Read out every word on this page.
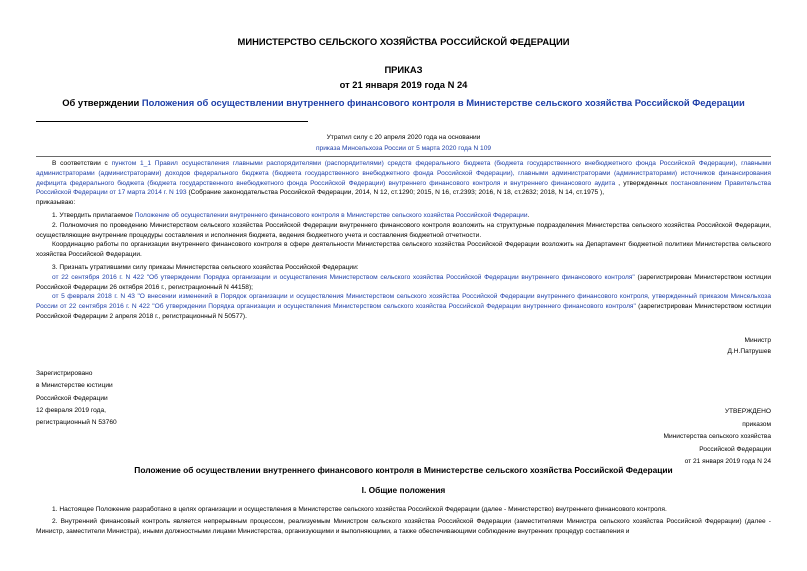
МИНИСТЕРСТВО СЕЛЬСКОГО ХОЗЯЙСТВА РОССИЙСКОЙ ФЕДЕРАЦИИ
ПРИКАЗ
от 21 января 2019 года N 24
Об утверждении Положения об осуществлении внутреннего финансового контроля в Министерстве сельского хозяйства Российской Федерации
Утратил силу с 20 апреля 2020 года на основании
приказа Минсельхоза России от 5 марта 2020 года N 109

В соответствии с пунктом 1_1 Правил осуществления главными распорядителями (распорядителями) средств федерального бюджета (бюджета государственного внебюджетного фонда Российской Федерации), главными администраторами (администраторами) доходов федерального бюджета (бюджета государственного внебюджетного фонда Российской Федерации), главными администраторами (администраторами) источников финансирования дефицита федерального бюджета (бюджета государственного внебюджетного фонда Российской Федерации) внутреннего финансового контроля и внутреннего финансового аудита , утвержденных постановлением Правительства Российской Федерации от 17 марта 2014 г. N 193 (Собрание законодательства Российской Федерации, 2014, N 12, ст.1290; 2015, N 16, ст.2393; 2016, N 18, ст.2632; 2018, N 14, ст.1975 ),

приказываю:

1. Утвердить прилагаемое Положение об осуществлении внутреннего финансового контроля в Министерстве сельского хозяйства Российской Федерации.

2. Полномочия по проведению Министерством сельского хозяйства Российской Федерации внутреннего финансового контроля возложить на структурные подразделения Министерства сельского хозяйства Российской Федерации, осуществляющие внутренние процедуры составления и исполнения бюджета, ведения бюджетного учета и составления бюджетной отчетности.

Координацию работы по организации внутреннего финансового контроля в сфере деятельности Министерства сельского хозяйства Российской Федерации возложить на Департамент бюджетной политики Министерства сельского хозяйства Российской Федерации.

3. Признать утратившими силу приказы Министерства сельского хозяйства Российской Федерации:

от 22 сентября 2016 г. N 422 "Об утверждении Порядка организации и осуществления Министерством сельского хозяйства Российской Федерации внутреннего финансового контроля" (зарегистрирован Министерством юстиции Российской Федерации 26 октября 2016 г., регистрационный N 44158);

от 5 февраля 2018 г. N 43 "О внесении изменений в Порядок организации и осуществления Министерством сельского хозяйства Российской Федерации внутреннего финансового контроля, утвержденный приказом Минсельхоза России от 22 сентября 2016 г. N 422 "Об утверждении Порядка организации и осуществления Министерством сельского хозяйства Российской Федерации внутреннего финансового контроля" (зарегистрирован Министерством юстиции Российской Федерации 2 апреля 2018 г., регистрационный N 50577).

Министр
Д.Н.Патрушев
Зарегистрировано
в Министерстве юстиции
Российской Федерации
12 февраля 2019 года,
регистрационный N 53760
УТВЕРЖДЕНО
приказом
Министерства сельского хозяйства
Российской Федерации
от 21 января 2019 года N 24
Положение об осуществлении внутреннего финансового контроля в Министерстве сельского хозяйства Российской Федерации
I. Общие положения

1. Настоящее Положение разработано в целях организации и осуществления в Министерстве сельского хозяйства Российской Федерации (далее - Министерство) внутреннего финансового контроля.

2. Внутренний финансовый контроль является непрерывным процессом, реализуемым Министром сельского хозяйства Российской Федерации (заместителями Министра сельского хозяйства Российской Федерации) (далее - Министр, заместители Министра), иными должностными лицами Министерства, организующими и выполняющими, а также обеспечивающими соблюдение внутренних процедур составления и
